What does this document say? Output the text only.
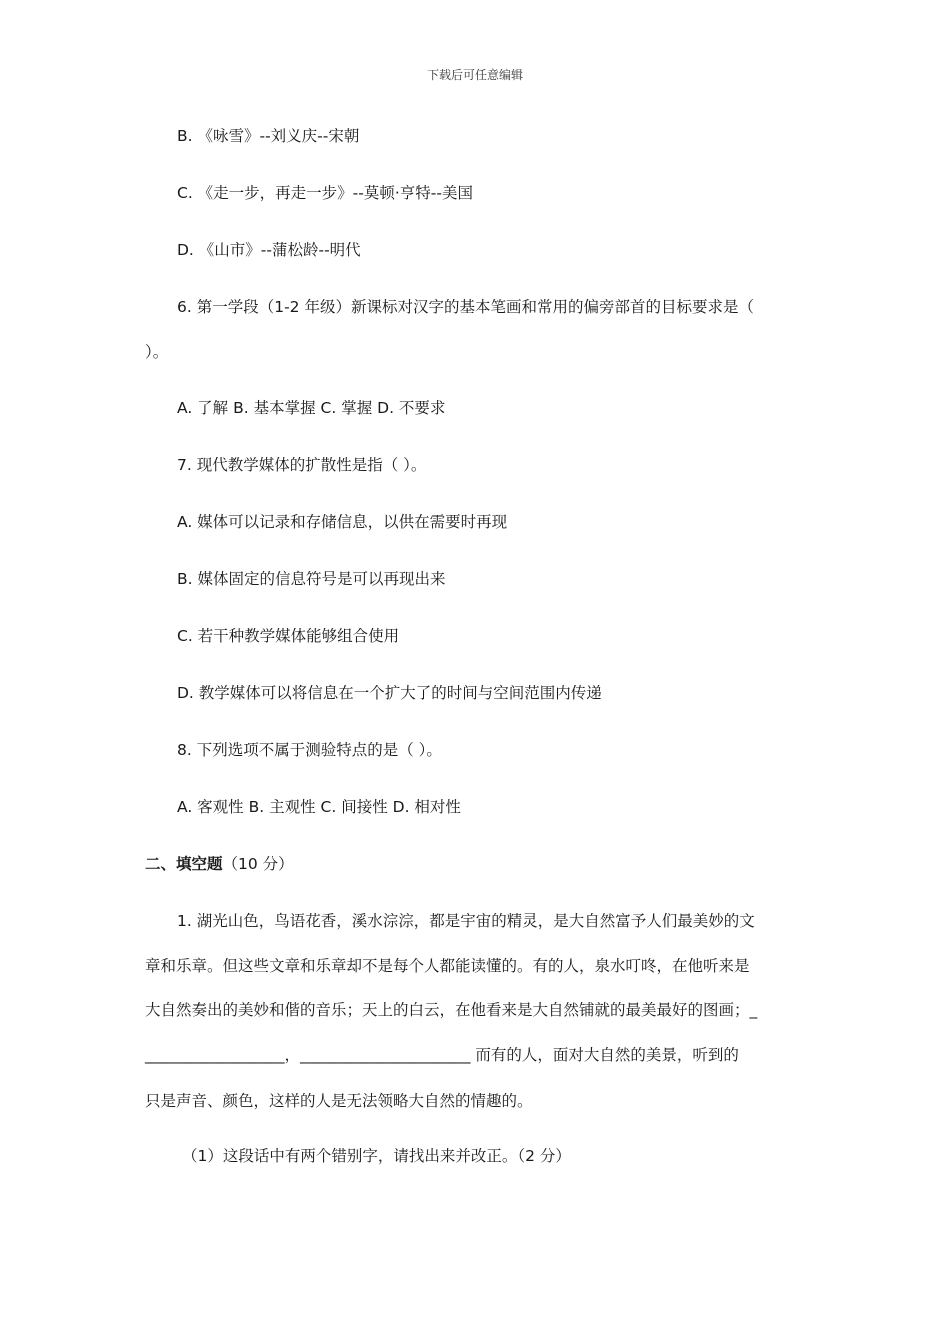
下载后可任意编辑
B. 《咏雪》--刘义庆--宋朝
C. 《走一步，再走一步》--莫顿·亨特--美国
D. 《山市》--蒲松龄--明代
6. 第一学段（1-2 年级）新课标对汉字的基本笔画和常用的偏旁部首的目标要求是（
）。
A. 了解 B. 基本掌握 C. 掌握 D. 不要求
7. 现代教学媒体的扩散性是指（ ）。
A. 媒体可以记录和存储信息，以供在需要时再现
B. 媒体固定的信息符号是可以再现出来
C. 若干种教学媒体能够组合使用
D. 教学媒体可以将信息在一个扩大了的时间与空间范围内传递
8. 下列选项不属于测验特点的是（ ）。
A. 客观性 B. 主观性 C. 间接性 D. 相对性
二、填空题（10 分）
1. 湖光山色，鸟语花香，溪水淙淙，都是宇宙的精灵，是大自然富予人们最美妙的文
章和乐章。但这些文章和乐章却不是每个人都能读懂的。有的人，泉水叮咚，在他听来是
大自然奏出的美妙和偕的音乐；天上的白云，在他看来是大自然铺就的最美最好的图画；_
__________________，______________________ 而有的人，面对大自然的美景，听到的
只是声音、颜色，这样的人是无法领略大自然的情趣的。
（1）这段话中有两个错别字，请找出来并改正。（2 分）
